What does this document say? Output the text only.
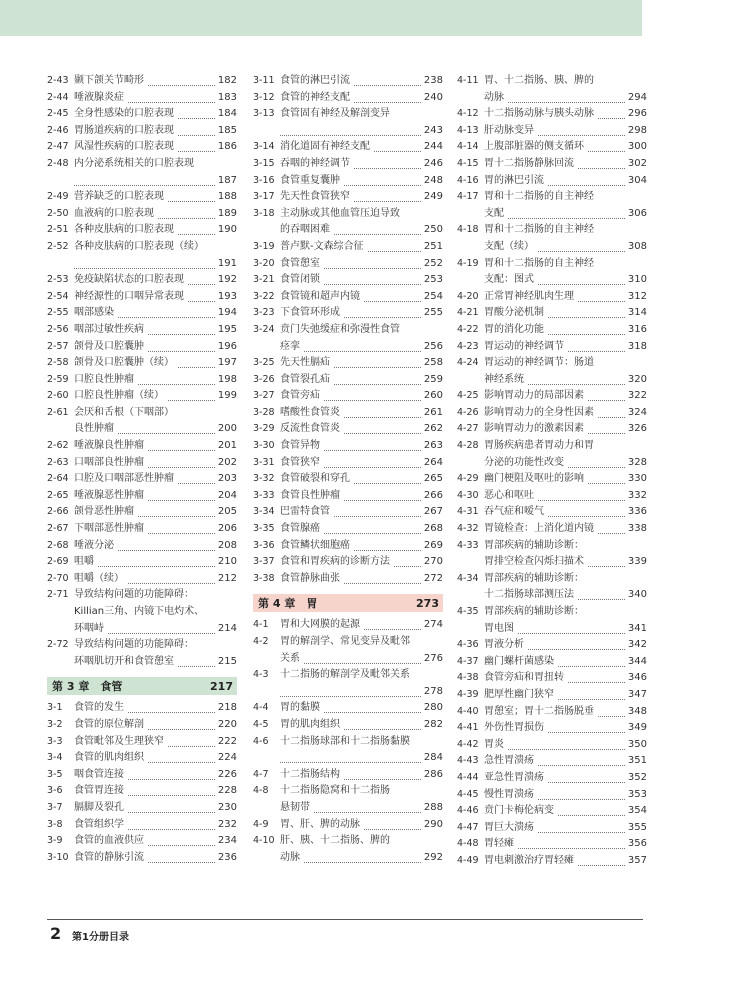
2-43 颞下颌关节畸形	182
2-44 唾液腺炎症	183
2-45 全身性感染的口腔表现	184
2-46 胃肠道疾病的口腔表现	185
2-47 风湿性疾病的口腔表现	186
2-48 内分泌系统相关的口腔表现
187
2-49 营养缺乏的口腔表现	188
2-50 血液病的口腔表现	189
2-51 各种皮肤病的口腔表现	190
2-52 各种皮肤病的口腔表现（续）
191
2-53 免疫缺陷状态的口腔表现	192
2-54 神经源性的口咽异常表现	193
2-55 咽部感染	194
2-56 咽部过敏性疾病	195
2-57 颌骨及口腔囊肿	196
2-58 颌骨及口腔囊肿（续）	197
2-59 口腔良性肿瘤	198
2-60 口腔良性肿瘤（续）	199
2-61 会厌和舌根（下咽部）
良性肿瘤	200
2-62 唾液腺良性肿瘤	201
2-63 口咽部良性肿瘤	202
2-64 口腔及口咽部恶性肿瘤	203
2-65 唾液腺恶性肿瘤	204
2-66 颌骨恶性肿瘤	205
2-67 下咽部恶性肿瘤	206
2-68 唾液分泌	208
2-69 咀嚼	210
2-70 咀嚼（续）	212
2-71 导致结构问题的功能障碍：
Killian三角、内镜下电灼术、
环咽峙	214
2-72 导致结构问题的功能障碍：
环咽肌切开和食管憩室	215
第 3 章　食管	217
3-1 食管的发生	218
3-2 食管的原位解剖	220
3-3 食管毗邻及生理狭窄	222
3-4 食管的肌肉组织	224
3-5 咽食管连接	226
3-6 食管胃连接	228
3-7 膈脚及裂孔	230
3-8 食管组织学	232
3-9 食管的血液供应	234
3-10 食管的静脉引流	236
3-11 食管的淋巴引流	238
3-12 食管的神经支配	240
3-13 食管固有神经及解剖变异
243
3-14 消化道固有神经支配	244
3-15 吞咽的神经调节	246
3-16 食管重复囊肿	248
3-17 先天性食管狭窄	249
3-18 主动脉或其他血管压迫导致
的吞咽困难	250
3-19 普卢默-文森综合征	251
3-20 食管憩室	252
3-21 食管闭锁	253
3-22 食管镜和超声内镜	254
3-23 下食管环形成	255
3-24 贲门失弛缓症和弥漫性食管
痉挛	256
3-25 先天性膈疝	258
3-26 食管裂孔疝	259
3-27 食管旁疝	260
3-28 嗜酸性食管炎	261
3-29 反流性食管炎	262
3-30 食管异物	263
3-31 食管狭窄	264
3-32 食管破裂和穿孔	265
3-33 食管良性肿瘤	266
3-34 巴雷特食管	267
3-35 食管腺癌	268
3-36 食管鳞状细胞癌	269
3-37 食管和胃疾病的诊断方法	270
3-38 食管静脉曲张	272
第 4 章　胃	273
4-1 胃和大网膜的起源	274
4-2 胃的解剖学、常见变异及毗邻
关系	276
4-3 十二指肠的解剖学及毗邻关系
278
4-4 胃的黏膜	280
4-5 胃的肌肉组织	282
4-6 十二指肠球部和十二指肠黏膜
284
4-7 十二指肠结构	286
4-8 十二指肠隐窝和十二指肠
悬韧带	288
4-9 胃、肝、脾的动脉	290
4-10 肝、胰、十二指肠、脾的
动脉	292
4-11 胃、十二指肠、胰、脾的
动脉	294
4-12 十二指肠动脉与胰头动脉	296
4-13 肝动脉变异	298
4-14 上腹部脏器的侧支循环	300
4-15 胃十二指肠静脉回流	302
4-16 胃的淋巴引流	304
4-17 胃和十二指肠的自主神经
支配	306
4-18 胃和十二指肠的自主神经
支配（续）	308
4-19 胃和十二指肠的自主神经
支配：图式	310
4-20 正常胃神经肌肉生理	312
4-21 胃酸分泌机制	314
4-22 胃的消化功能	316
4-23 胃运动的神经调节	318
4-24 胃运动的神经调节：肠道
神经系统	320
4-25 影响胃动力的局部因素	322
4-26 影响胃动力的全身性因素	324
4-27 影响胃动力的激素因素	326
4-28 胃肠疾病患者胃动力和胃
分泌的功能性改变	328
4-29 幽门梗阻及呕吐的影响	330
4-30 恶心和呕吐	332
4-31 吞气症和嗳气	336
4-32 胃镜检查：上消化道内镜	338
4-33 胃部疾病的辅助诊断：
胃排空检查闪烁扫描术	339
4-34 胃部疾病的辅助诊断：
十二指肠球部测压法	340
4-35 胃部疾病的辅助诊断：
胃电图	341
4-36 胃液分析	342
4-37 幽门螺杆菌感染	344
4-38 食管旁疝和胃扭转	346
4-39 肥厚性幽门狭窄	347
4-40 胃憩室；胃十二指肠脱垂	348
4-41 外伤性胃损伤	349
4-42 胃炎	350
4-43 急性胃溃疡	351
4-44 亚急性胃溃疡	352
4-45 慢性胃溃疡	353
4-46 贲门卡梅伦病变	354
4-47 胃巨大溃疡	355
4-48 胃轻瘫	356
4-49 胃电刺激治疗胃轻瘫	357
2 第1分册目录
